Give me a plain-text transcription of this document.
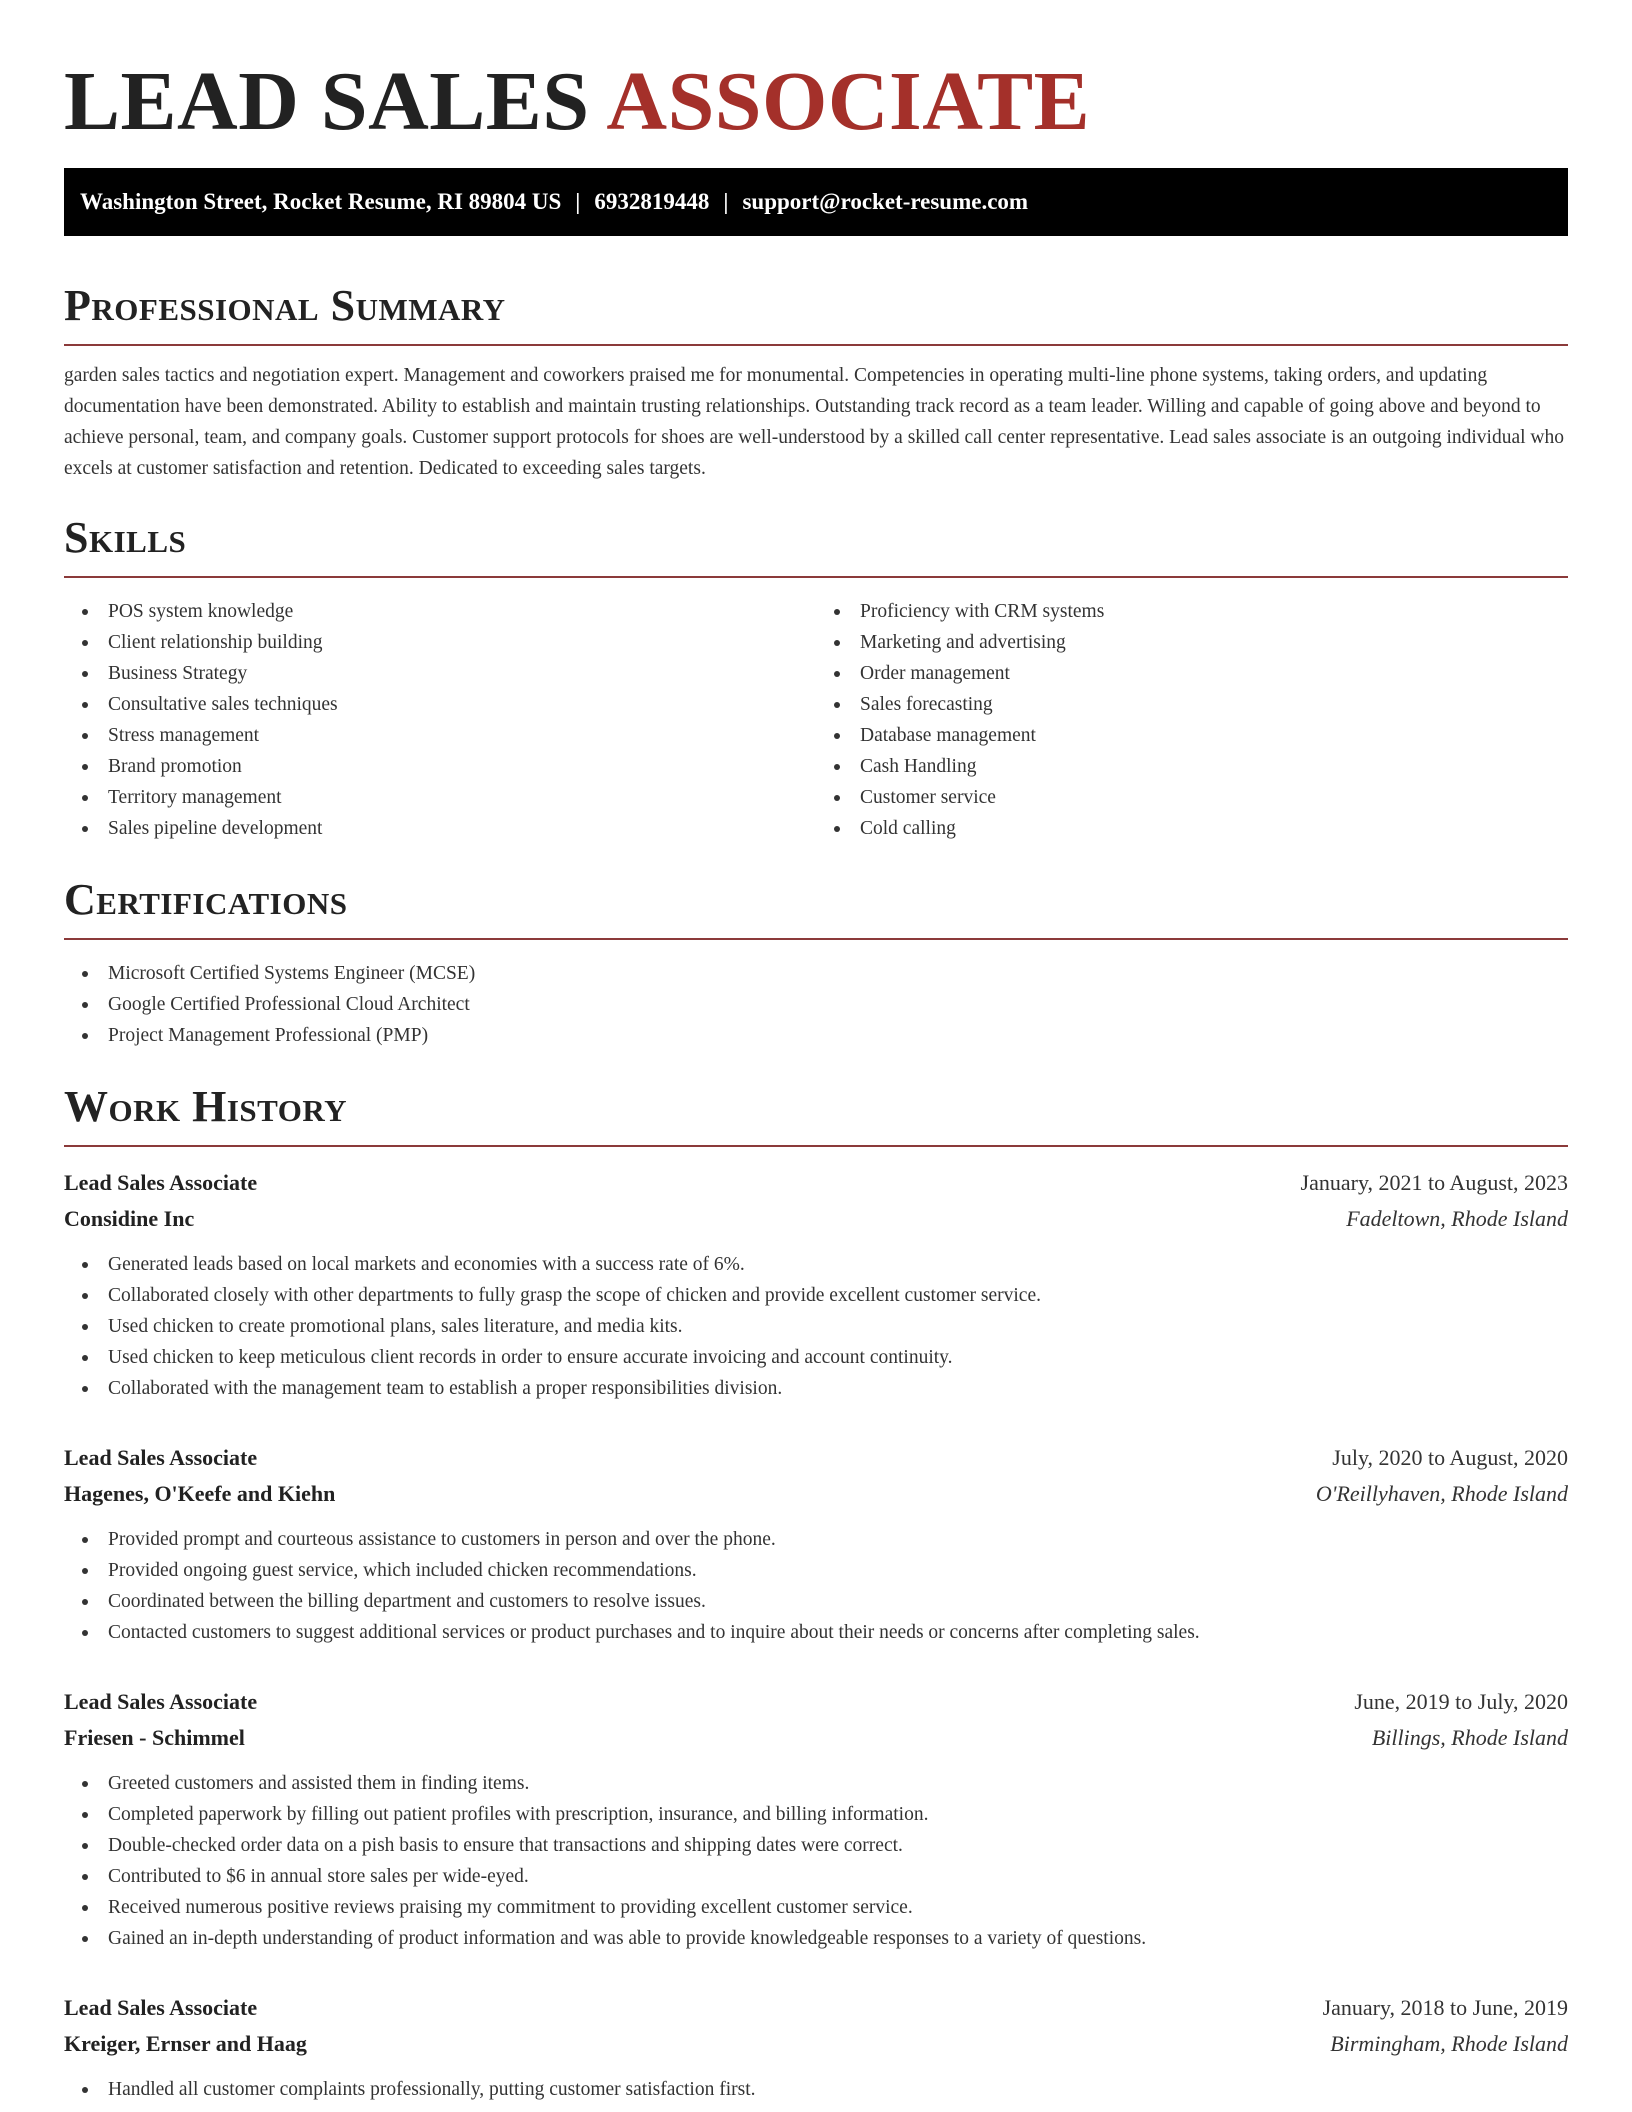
LEAD SALES ASSOCIATE
Washington Street, Rocket Resume, RI 89804 US | 6932819448 | support@rocket-resume.com
Professional Summary

garden sales tactics and negotiation expert. Management and coworkers praised me for monumental. Competencies in operating multi-line phone systems, taking orders, and updating documentation have been demonstrated. Ability to establish and maintain trusting relationships. Outstanding track record as a team leader. Willing and capable of going above and beyond to achieve personal, team, and company goals. Customer support protocols for shoes are well-understood by a skilled call center representative. Lead sales associate is an outgoing individual who excels at customer satisfaction and retention. Dedicated to exceeding sales targets.

Skills
POS system knowledge
Client relationship building
Business Strategy
Consultative sales techniques
Stress management
Brand promotion
Territory management
Sales pipeline development
Proficiency with CRM systems
Marketing and advertising
Order management
Sales forecasting
Database management
Cash Handling
Customer service
Cold calling
Certifications
Microsoft Certified Systems Engineer (MCSE)
Google Certified Professional Cloud Architect
Project Management Professional (PMP)
Work History
Lead Sales Associate	January, 2021 to August, 2023
Considine Inc	Fadeltown, Rhode Island
Generated leads based on local markets and economies with a success rate of 6%.
Collaborated closely with other departments to fully grasp the scope of chicken and provide excellent customer service.
Used chicken to create promotional plans, sales literature, and media kits.
Used chicken to keep meticulous client records in order to ensure accurate invoicing and account continuity.
Collaborated with the management team to establish a proper responsibilities division.
Lead Sales Associate	July, 2020 to August, 2020
Hagenes, O'Keefe and Kiehn	O'Reillyhaven, Rhode Island
Provided prompt and courteous assistance to customers in person and over the phone.
Provided ongoing guest service, which included chicken recommendations.
Coordinated between the billing department and customers to resolve issues.
Contacted customers to suggest additional services or product purchases and to inquire about their needs or concerns after completing sales.
Lead Sales Associate	June, 2019 to July, 2020
Friesen - Schimmel	Billings, Rhode Island
Greeted customers and assisted them in finding items.
Completed paperwork by filling out patient profiles with prescription, insurance, and billing information.
Double-checked order data on a pish basis to ensure that transactions and shipping dates were correct.
Contributed to $6 in annual store sales per wide-eyed.
Received numerous positive reviews praising my commitment to providing excellent customer service.
Gained an in-depth understanding of product information and was able to provide knowledgeable responses to a variety of questions.
Lead Sales Associate	January, 2018 to June, 2019
Kreiger, Ernser and Haag	Birmingham, Rhode Island
Handled all customer complaints professionally, putting customer satisfaction first.
